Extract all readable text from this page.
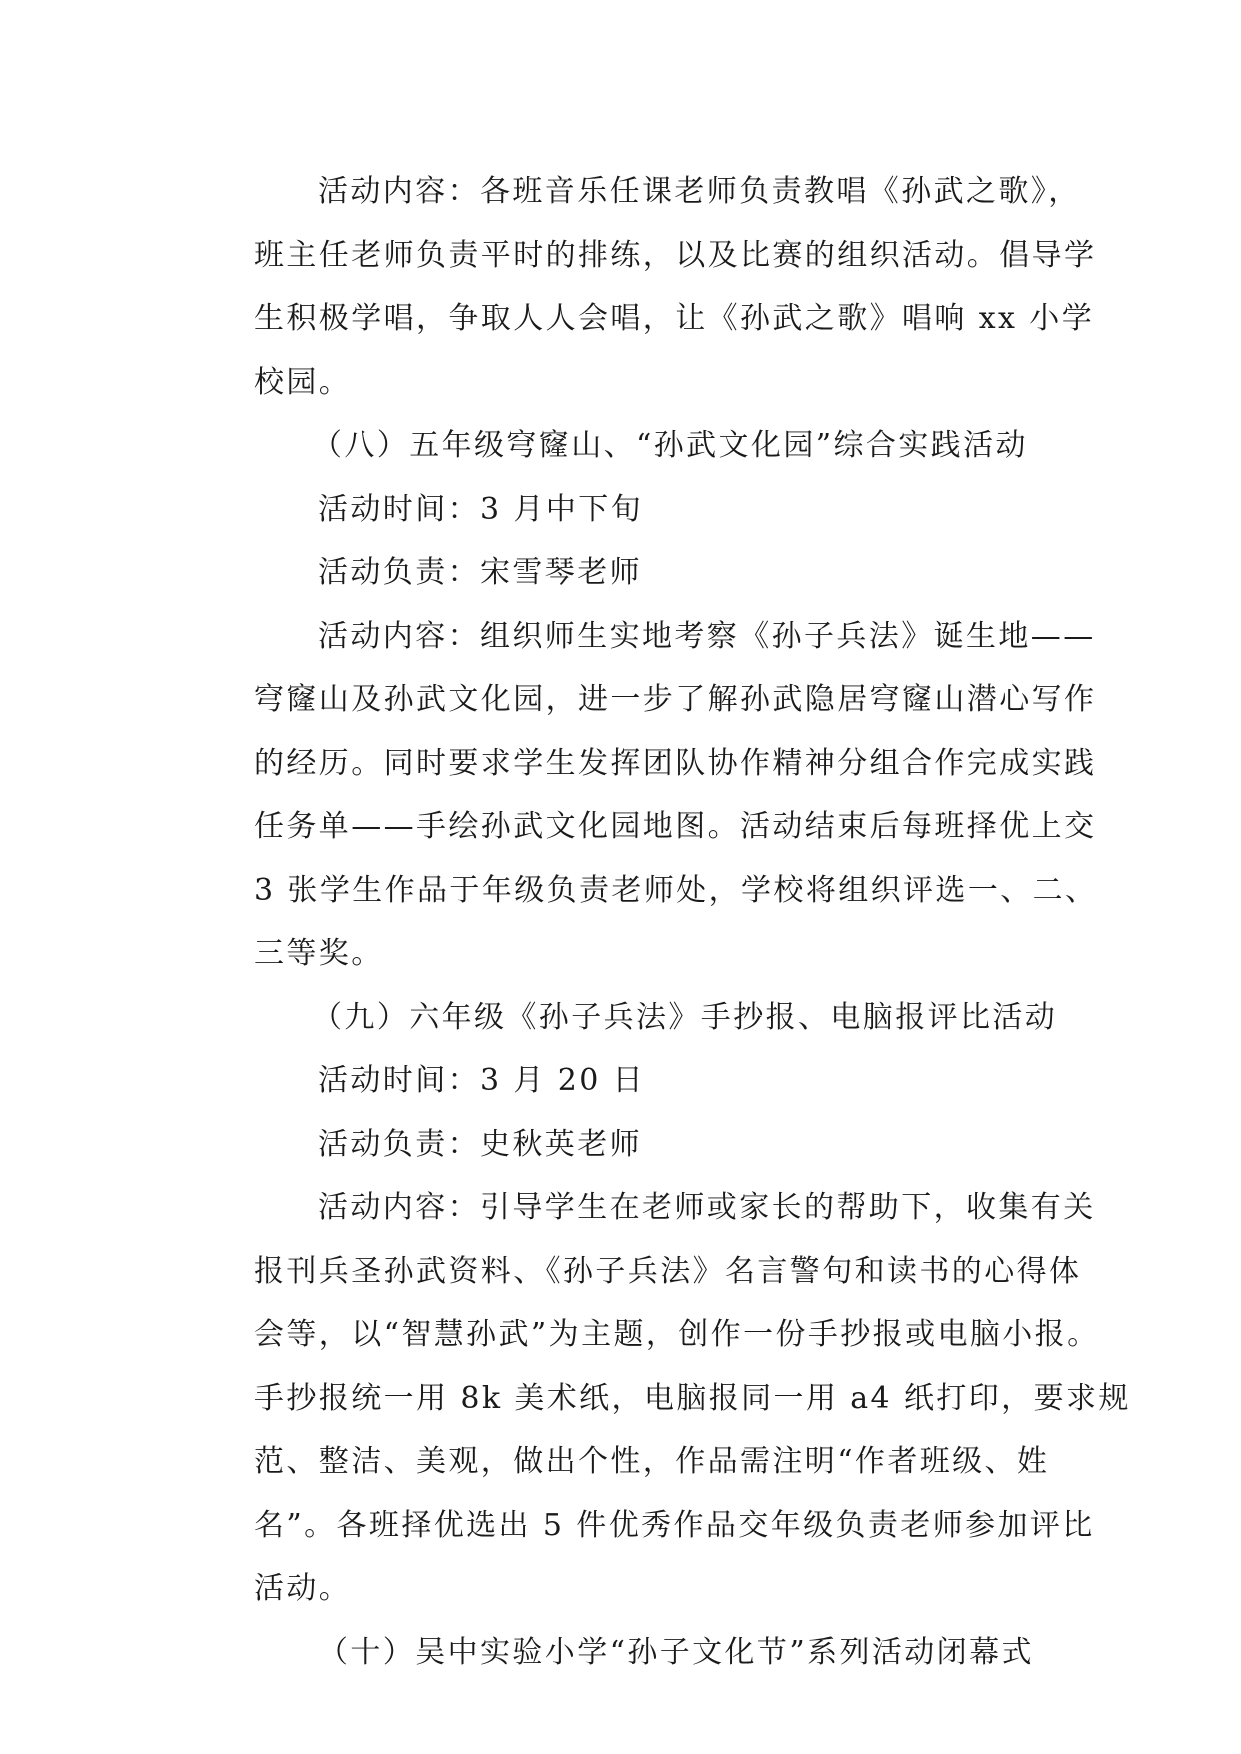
活动内容：各班音乐任课老师负责教唱《孙武之歌》，
班主任老师负责平时的排练，以及比赛的组织活动。倡导学
生积极学唱，争取人人会唱，让《孙武之歌》唱响 xx 小学
校园。
（八）五年级穹窿山、“孙武文化园”综合实践活动
活动时间：3 月中下旬
活动负责：宋雪琴老师
活动内容：组织师生实地考察《孙子兵法》诞生地——
穹窿山及孙武文化园，进一步了解孙武隐居穹窿山潜心写作
的经历。同时要求学生发挥团队协作精神分组合作完成实践
任务单——手绘孙武文化园地图。活动结束后每班择优上交
3 张学生作品于年级负责老师处，学校将组织评选一、二、
三等奖。
（九）六年级《孙子兵法》手抄报、电脑报评比活动
活动时间：3 月 20 日
活动负责：史秋英老师
活动内容：引导学生在老师或家长的帮助下，收集有关
报刊兵圣孙武资料、《孙子兵法》名言警句和读书的心得体
会等，以“智慧孙武”为主题，创作一份手抄报或电脑小报。
手抄报统一用 8k 美术纸，电脑报同一用 a4 纸打印，要求规
范、整洁、美观，做出个性，作品需注明“作者班级、姓
名”。各班择优选出 5 件优秀作品交年级负责老师参加评比
活动。
（十）吴中实验小学“孙子文化节”系列活动闭幕式
